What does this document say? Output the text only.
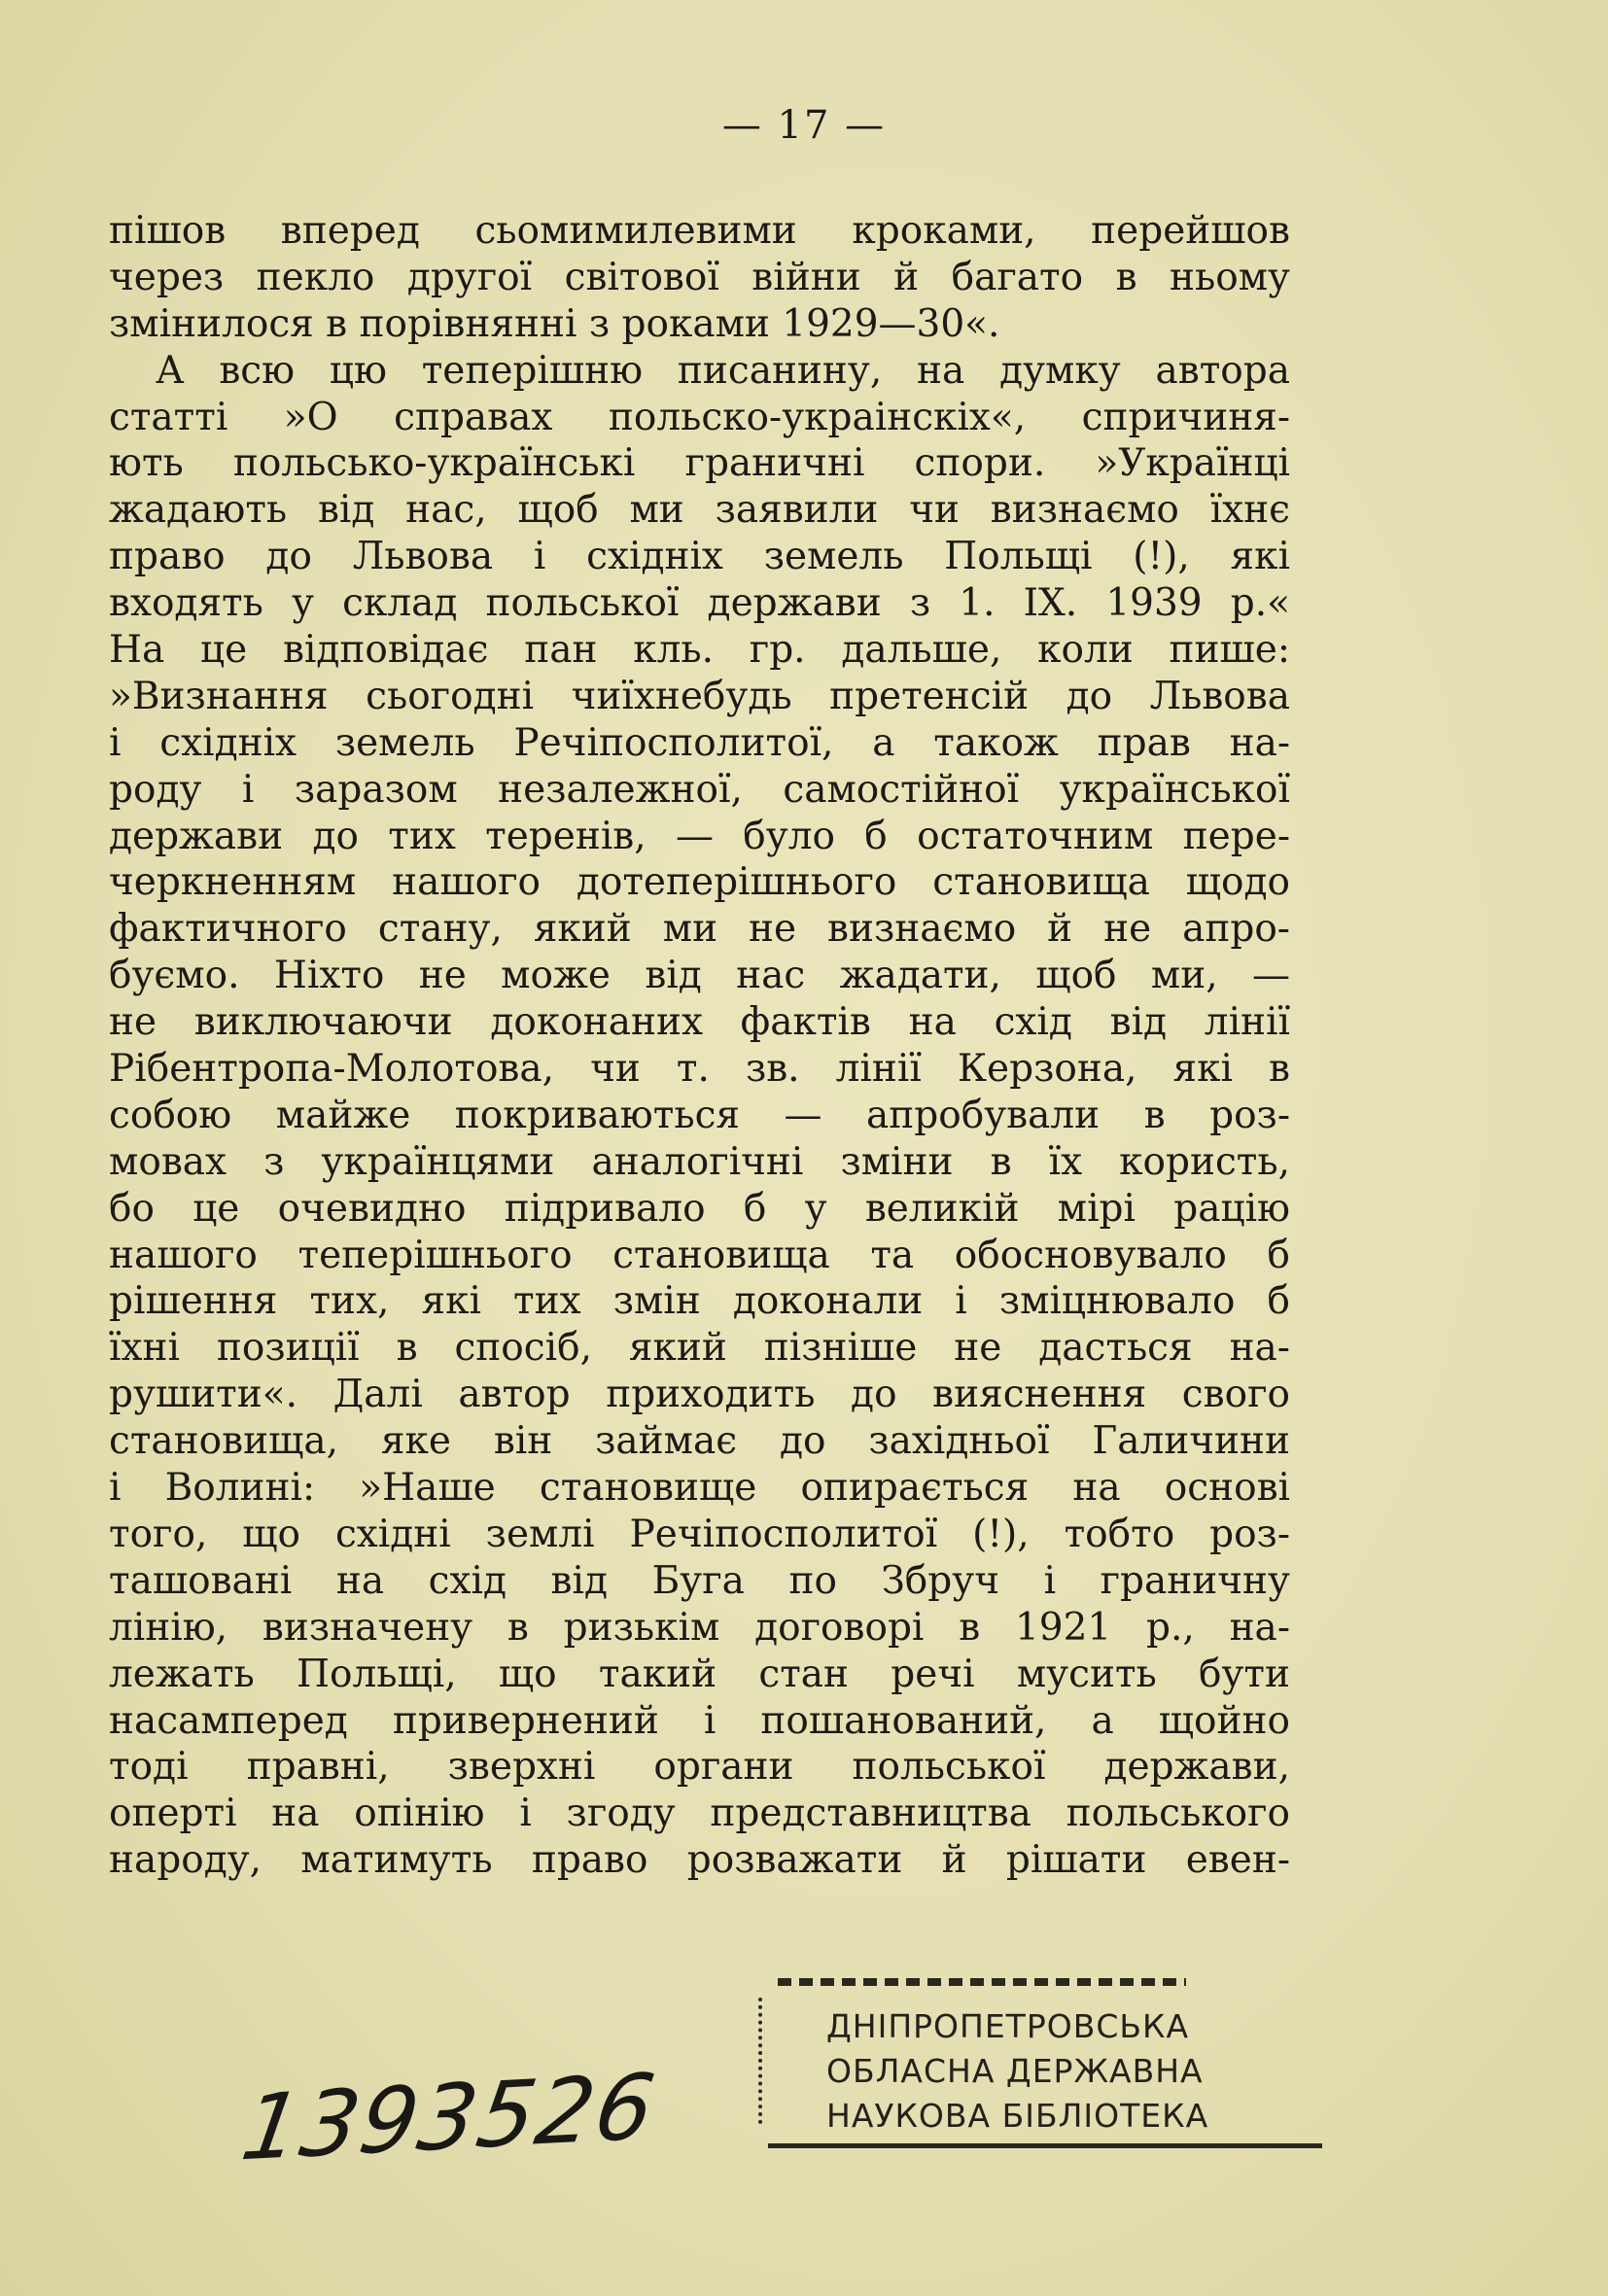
— 17 —
пішов вперед сьомимилевими кроками, перейшов
через пекло другої світової війни й багато в ньому
змінилося в порівнянні з роками 1929—30«.
А всю цю теперішню писанину, на думку автора
статті »О справах польско-украінскіх«, спричиня-
ють польсько-українські граничні спори. »Українці
жадають від нас, щоб ми заявили чи визнаємо їхнє
право до Львова і східніх земель Польщі (!), які
входять у склад польської держави з 1. IX. 1939 р.«
На це відповідає пан кль. гр. дальше, коли пише:
»Визнання сьогодні чиїхнебудь претенсій до Львова
і східніх земель Речіпосполитої, а також прав на-
роду і заразом незалежної, самостійної української
держави до тих теренів, — було б остаточним пере-
черкненням нашого дотеперішнього становища щодо
фактичного стану, який ми не визнаємо й не апро-
буємо. Ніхто не може від нас жадати, щоб ми, —
не виключаючи доконаних фактів на схід від лінії
Рібентропа-Молотова, чи т. зв. лінії Керзона, які в
собою майже покриваються — апробували в роз-
мовах з українцями аналогічні зміни в їх користь,
бо це очевидно підривало б у великій мірі рацію
нашого теперішнього становища та обосновувало б
рішення тих, які тих змін доконали і зміцнювало б
їхні позиції в спосіб, який пізніше не дасться на-
рушити«. Далі автор приходить до вияснення свого
становища, яке він займає до західньої Галичини
і Волині: »Наше становище опирається на основі
того, що східні землі Речіпосполитої (!), тобто роз-
ташовані на схід від Буга по Збруч і граничну
лінію, визначену в ризькім договорі в 1921 р., на-
лежать Польщі, що такий стан речі мусить бути
насамперед привернений і пошанований, а щойно
тоді правні, зверхні органи польської держави,
оперті на опінію і згоду представництва польського
народу, матимуть право розважати й рішати евен-
ДНІПРОПЕТРОВСЬКА
ОБЛАСНА ДЕРЖАВНА
НАУКОВА БІБЛІОТЕКА
1393526
